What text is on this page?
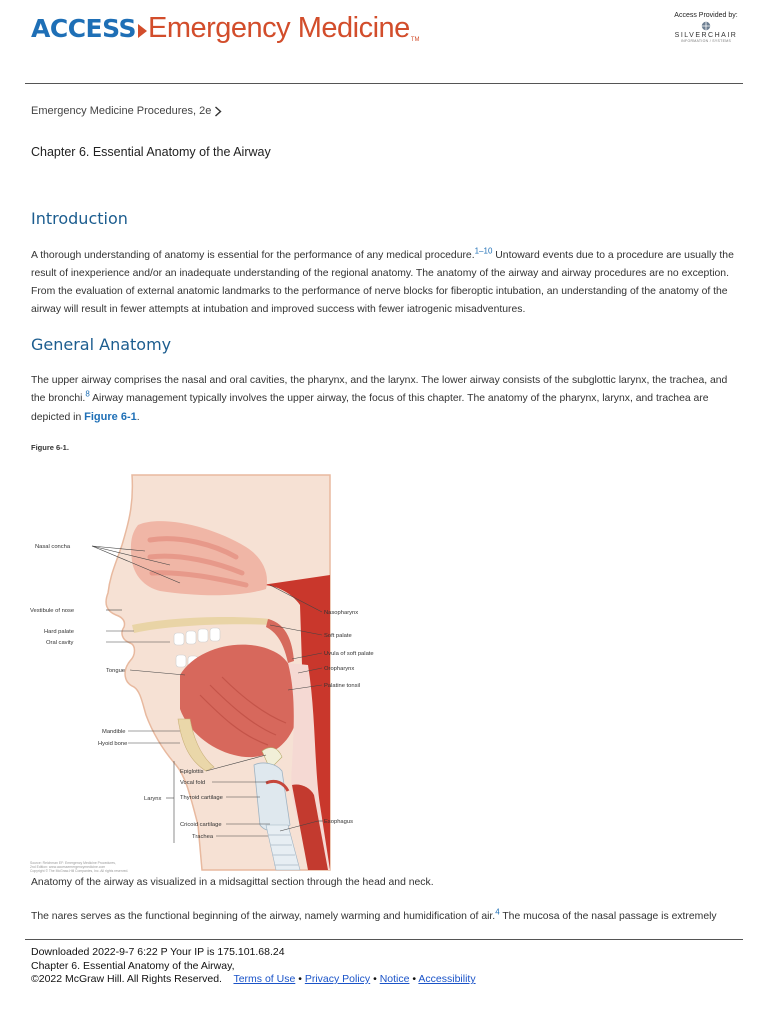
ACCESS Emergency Medicine TM
Access Provided by:
SILVERCHAIR
INFORMATION / SYSTEMS
Emergency Medicine Procedures, 2e
Chapter 6. Essential Anatomy of the Airway
Introduction

A thorough understanding of anatomy is essential for the performance of any medical procedure.$^{1-10}$ Untoward events due to a procedure are usually the result of inexperience and/or an inadequate understanding of the regional anatomy. The anatomy of the airway and airway procedures are no exception. From the evaluation of external anatomic landmarks to the performance of nerve blocks for fiberoptic intubation, an understanding of the anatomy of the airway will result in fewer attempts at intubation and improved success with fewer iatrogenic misadventures.

General Anatomy

The upper airway comprises the nasal and oral cavities, the pharynx, and the larynx. The lower airway consists of the subglottic larynx, the trachea, and the bronchi.$^8$ Airway management typically involves the upper airway, the focus of this chapter. The anatomy of the pharynx, larynx, and trachea are depicted in Figure 6-1.

Figure 6-1.
Nasal concha
Vestibule of nose
Hard palate
Oral cavity
Tongue
Mandible
Hyoid bone
Larynx
Nasopharynx
Soft palate
Uvula of soft palate
Oropharynx
Palatine tonsil
Esophagus
Epiglottis
Vocal fold
Thyroid cartilage
Cricoid cartilage
Trachea
Source: Reichman EF: Emergency Medicine Procedures,
2nd Edition: www.accessemergencymedicine.com
Copyright © The McGraw-Hill Companies, Inc. All rights reserved.
Anatomy of the airway as visualized in a midsagittal section through the head and neck.

The nares serves as the functional beginning of the airway, namely warming and humidification of air.$^4$ The mucosa of the nasal passage is extremely

Downloaded 2022-9-7 6:22 P Your IP is 175.101.68.24
Chapter 6. Essential Anatomy of the Airway,
©2022 McGraw Hill. All Rights Reserved. Terms of Use • Privacy Policy • Notice • Accessibility
